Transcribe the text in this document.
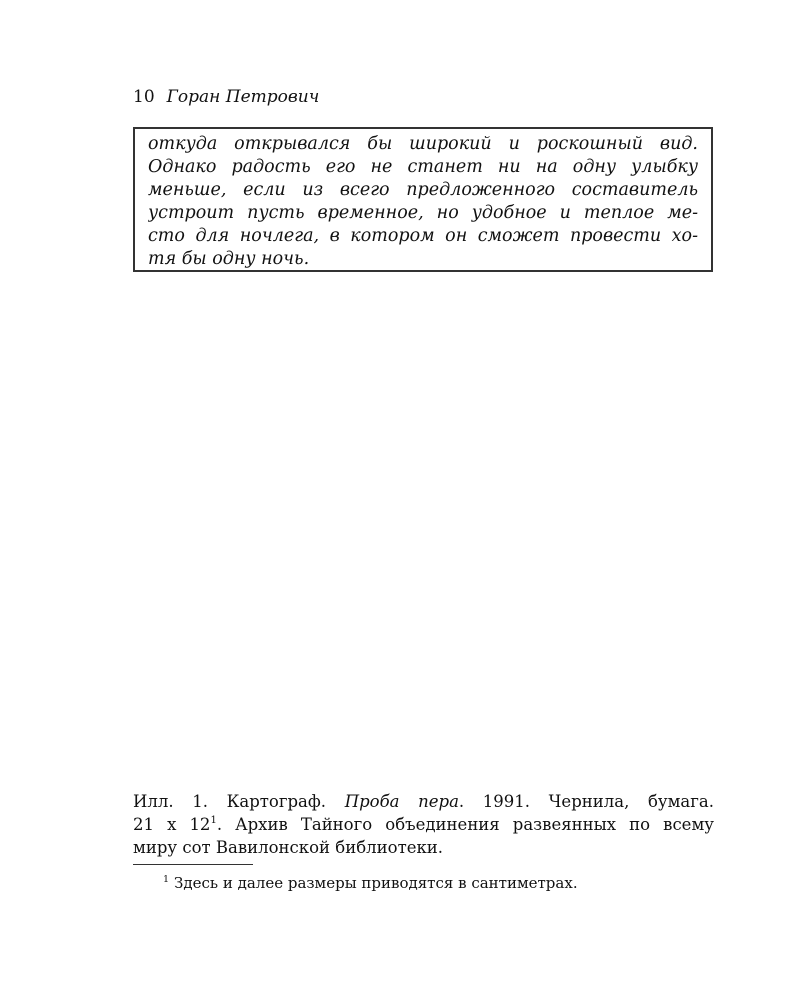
10 Горан Петрович
откуда открывался бы широкий и роскошный вид.
Однако радость его не станет ни на одну улыбку
меньше, если из всего предложенного составитель
устроит пусть временное, но удобное и теплое ме-
сто для ночлега, в котором он сможет провести хо-
тя бы одну ночь.
Илл. 1. Картограф. Проба пера. 1991. Чернила, бумага.
21 x 12$^1$. Архив Тайного объединения развеянных по всему
миру сот Вавилонской библиотеки.
$^1$ Здесь и далее размеры приводятся в сантиметрах.
